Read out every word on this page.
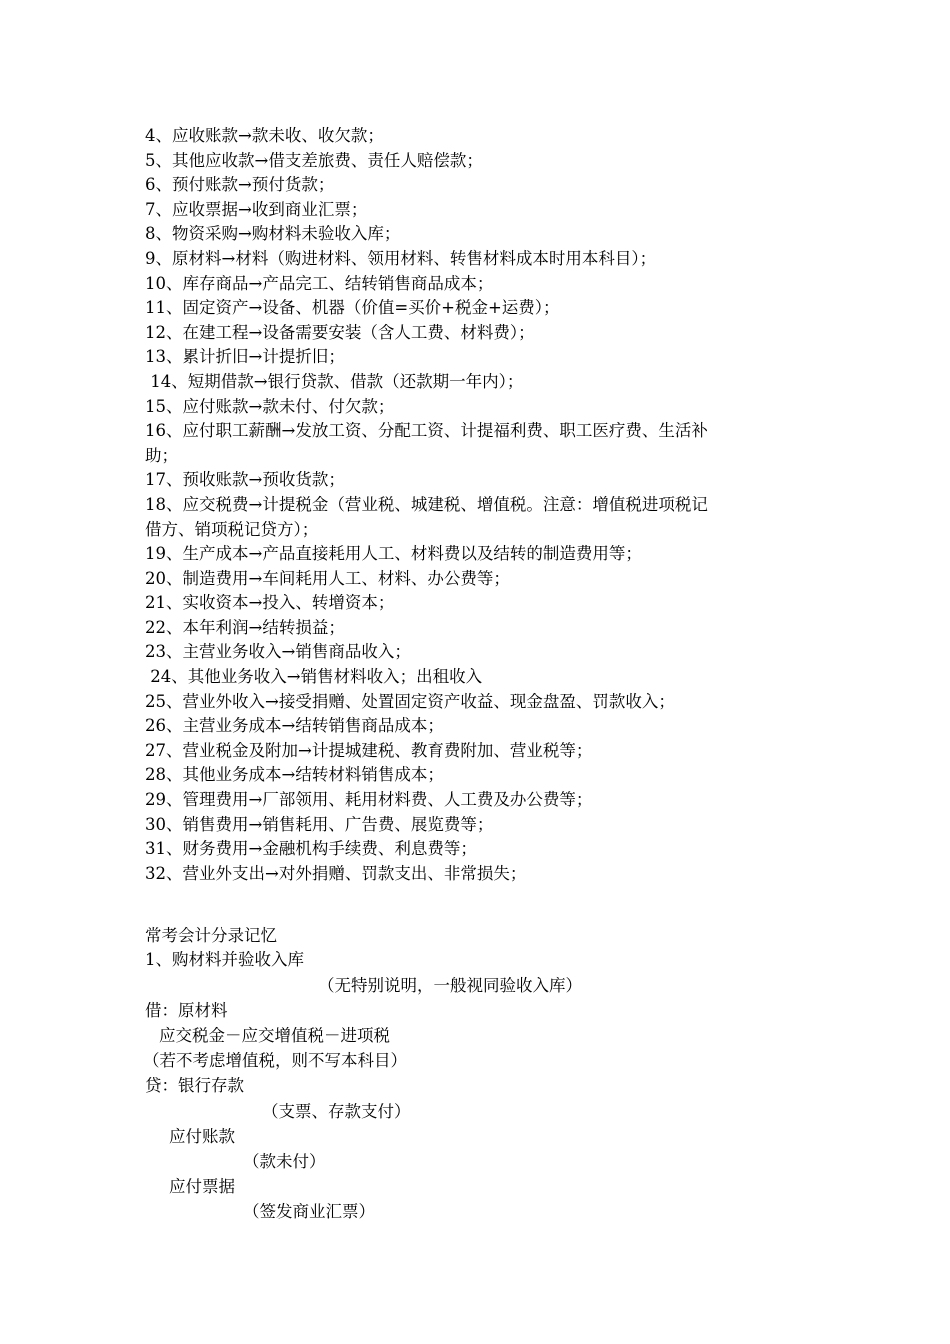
4、应收账款→款未收、收欠款；
5、其他应收款→借支差旅费、责任人赔偿款；
6、预付账款→预付货款；
7、应收票据→收到商业汇票；
8、物资采购→购材料未验收入库；
9、原材料→材料（购进材料、领用材料、转售材料成本时用本科目）；
10、库存商品→产品完工、结转销售商品成本；
11、固定资产→设备、机器（价值=买价+税金+运费）；
12、在建工程→设备需要安装（含人工费、材料费）；
13、累计折旧→计提折旧；
14、短期借款→银行贷款、借款（还款期一年内）；
15、应付账款→款未付、付欠款；
16、应付职工薪酬→发放工资、分配工资、计提福利费、职工医疗费、生活补
助；
17、预收账款→预收货款；
18、应交税费→计提税金（营业税、城建税、增值税。注意：增值税进项税记
借方、销项税记贷方）；
19、生产成本→产品直接耗用人工、材料费以及结转的制造费用等；
20、制造费用→车间耗用人工、材料、办公费等；
21、实收资本→投入、转增资本；
22、本年利润→结转损益；
23、主营业务收入→销售商品收入；
24、其他业务收入→销售材料收入；出租收入
25、营业外收入→接受捐赠、处置固定资产收益、现金盘盈、罚款收入；
26、主营业务成本→结转销售商品成本；
27、营业税金及附加→计提城建税、教育费附加、营业税等；
28、其他业务成本→结转材料销售成本；
29、管理费用→厂部领用、耗用材料费、人工费及办公费等；
30、销售费用→销售耗用、广告费、展览费等；
31、财务费用→金融机构手续费、利息费等；
32、营业外支出→对外捐赠、罚款支出、非常损失；
常考会计分录记忆
1、购材料并验收入库
（无特别说明，一般视同验收入库）
借：原材料
应交税金－应交增值税－进项税
（若不考虑增值税，则不写本科目）
贷：银行存款
（支票、存款支付）
应付账款
（款未付）
应付票据
（签发商业汇票）
